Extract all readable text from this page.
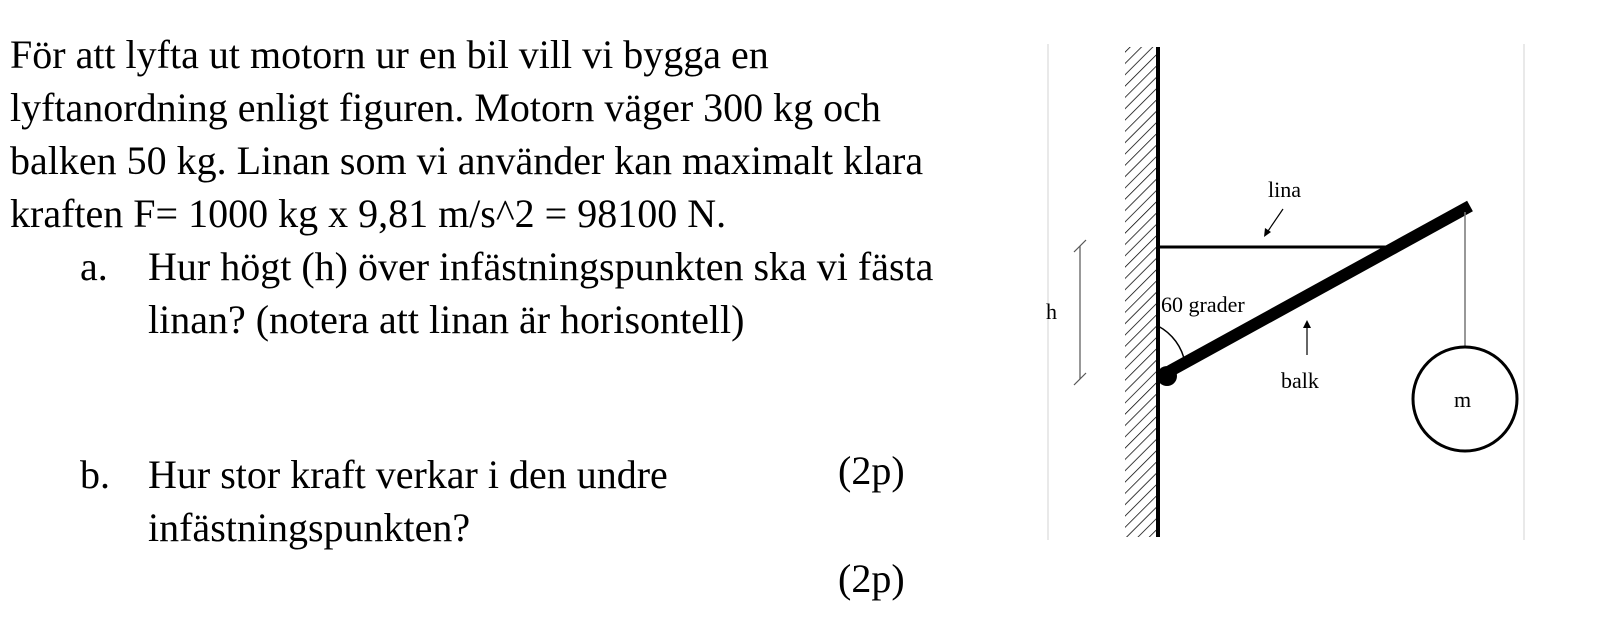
För att lyfta ut motorn ur en bil vill vi bygga en lyftanordning enligt figuren. Motorn väger 300 kg och balken 50 kg. Linan som vi använder kan maximalt klara kraften F= 1000 kg x 9,81 m/s^2 = 98100 N.

a. Hur högt (h) över infästningspunkten ska vi fästa linan? (notera att linan är horisontell)
(2p)
b. Hur stor kraft verkar i den undre infästningspunkten?
(2p)
h
m
lina
60 grader
balk
